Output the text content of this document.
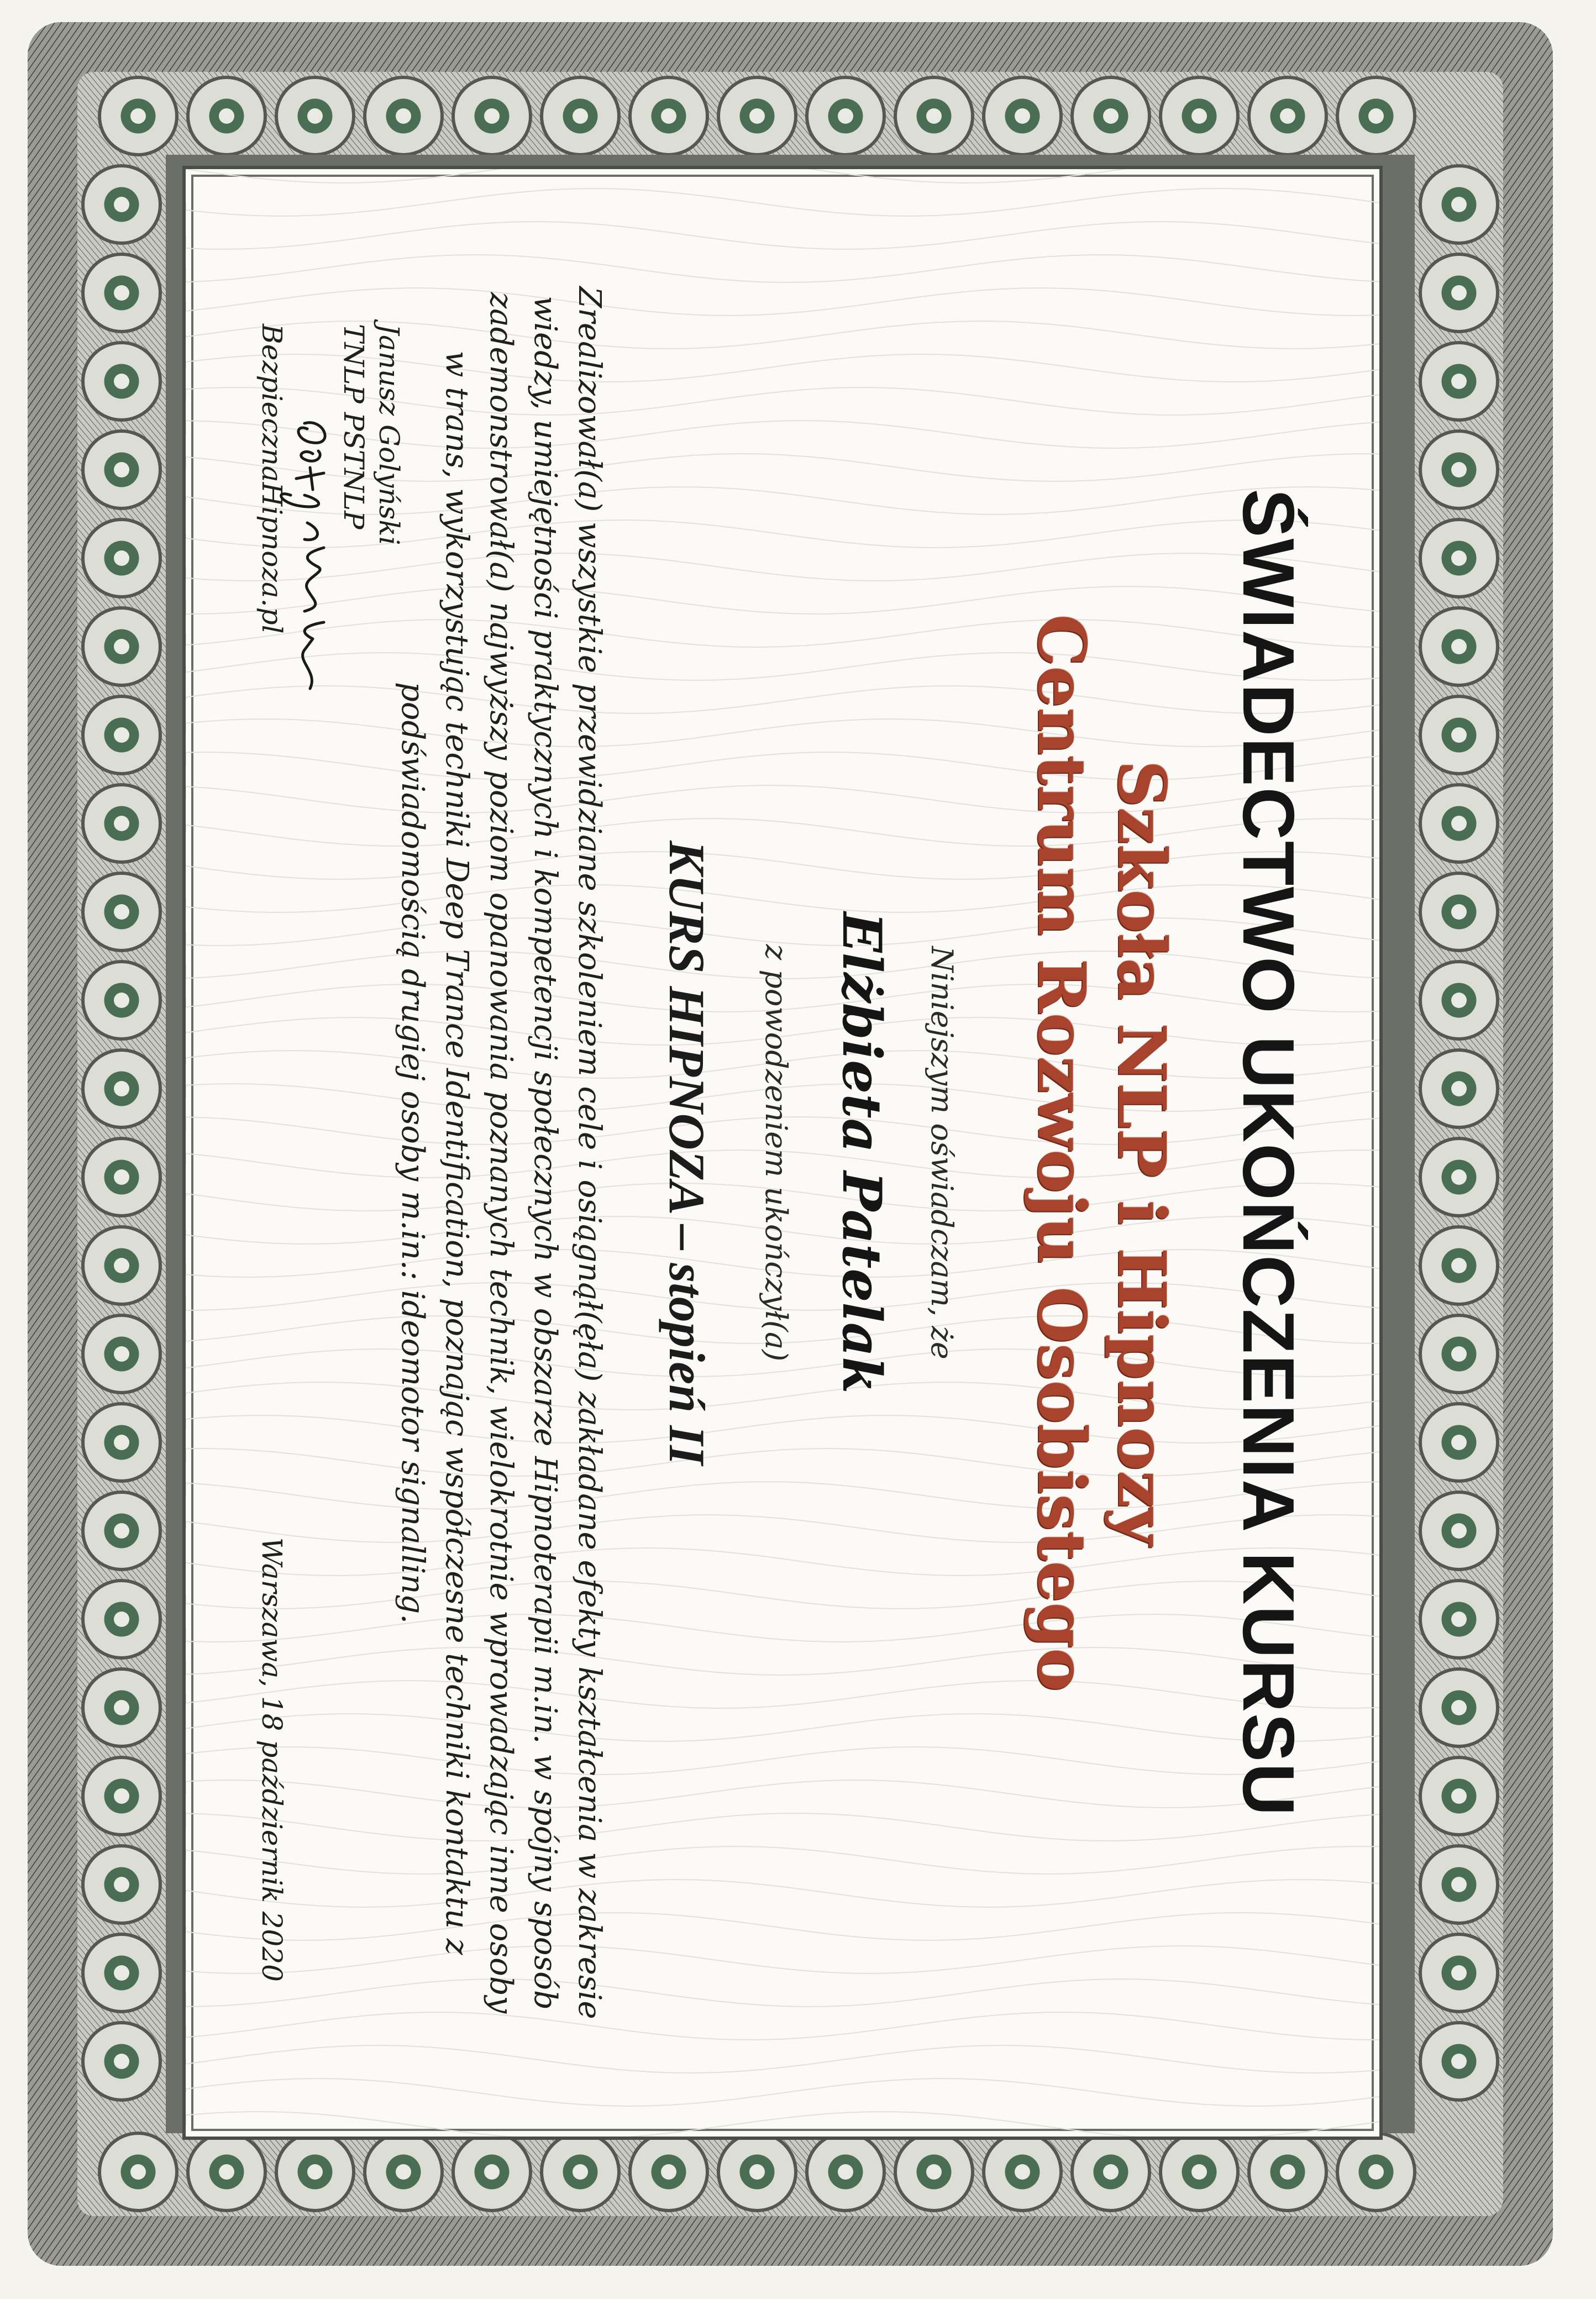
ŚWIADECTWO UKOŃCZENIA KURSU
Szkoła NLP i Hipnozy
Centrum Rozwoju Osobistego
Niniejszym oświadczam, że
Elżbieta Patelak
z powodzeniem ukończył(a)
KURS HIPNOZA – stopień II

Zrealizował(a) wszystkie przewidziane szkoleniem cele i osiągnął(ęła) zakładane efekty kształcenia w zakresie wiedzy, umiejętności praktycznych i kompetencji społecznych w obszarze Hipnoterapii m.in. w spójny sposób zademonstrował(a) najwyższy poziom opanowania poznanych technik, wielokrotnie wprowadzając inne osoby w trans, wykorzystując techniki Deep Trance Identification, poznając współczesne techniki kontaktu z podświadomością drugiej osoby m.in.: ideomotor signalling.

Janusz Golyński
TNLP PSTNLP
BezpiecznaHipnoza.pl
Warszawa, 18 październik 2020
